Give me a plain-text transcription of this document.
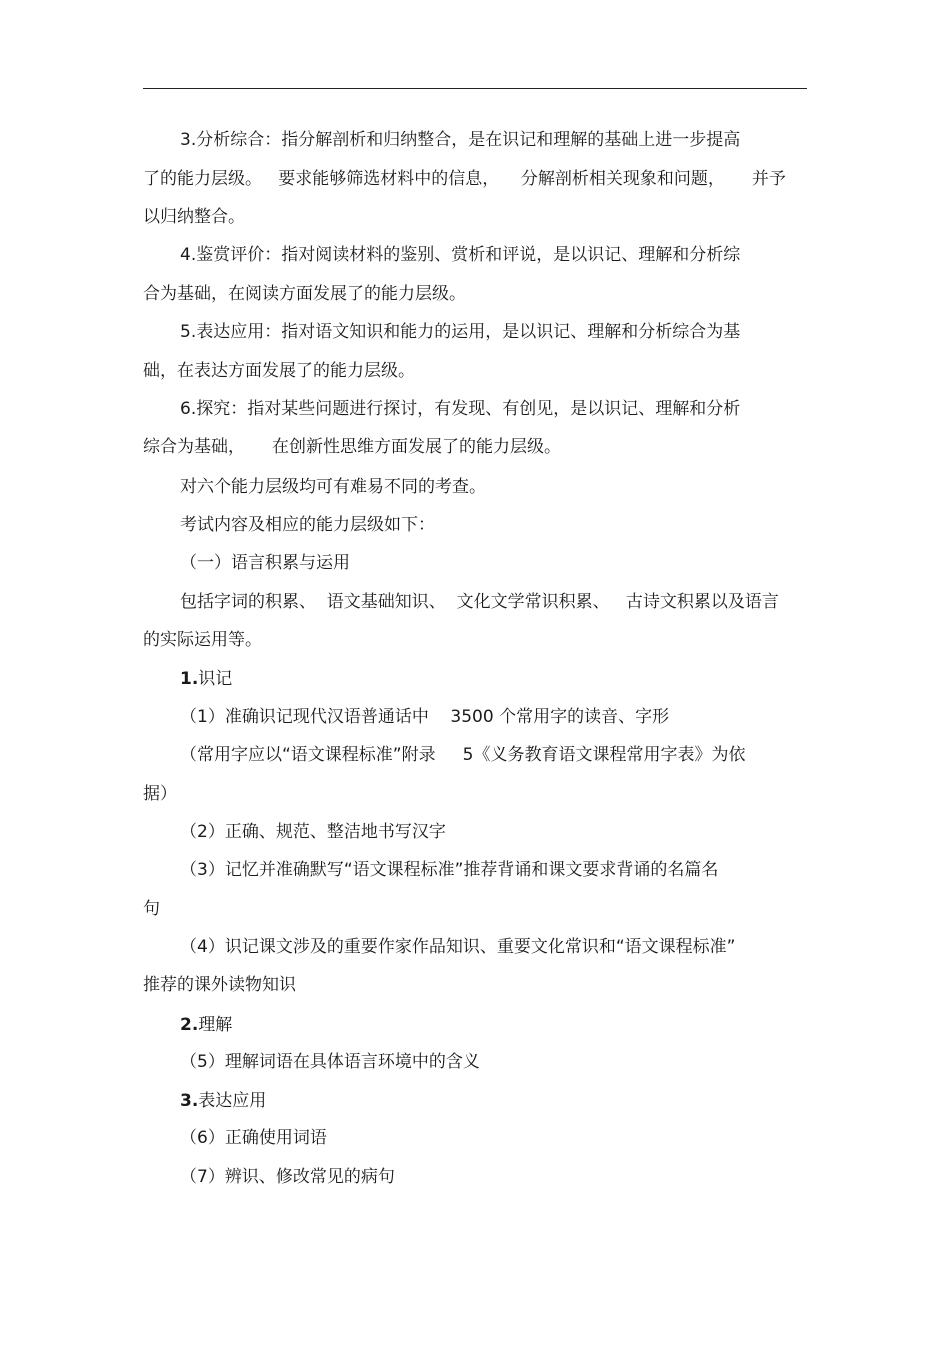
3.分析综合：指分解剖析和归纳整合，是在识记和理解的基础上进一步提高
了的能力层级。   要求能够筛选材料中的信息，    分解剖析相关现象和问题，     并予
以归纳整合。
4.鉴赏评价：指对阅读材料的鉴别、赏析和评说，是以识记、理解和分析综
合为基础，在阅读方面发展了的能力层级。
5.表达应用：指对语文知识和能力的运用，是以识记、理解和分析综合为基
础，在表达方面发展了的能力层级。
6.探究：指对某些问题进行探讨，有发现、有创见，是以识记、理解和分析
综合为基础，     在创新性思维方面发展了的能力层级。
对六个能力层级均可有难易不同的考查。
考试内容及相应的能力层级如下：
（一）语言积累与运用
包括字词的积累、  语文基础知识、  文化文学常识积累、   古诗文积累以及语言
的实际运用等。
1.识记
（1）准确识记现代汉语普通话中    3500 个常用字的读音、字形
（常用字应以“语文课程标准”附录     5《义务教育语文课程常用字表》为依
据）
（2）正确、规范、整洁地书写汉字
（3）记忆并准确默写“语文课程标准”推荐背诵和课文要求背诵的名篇名
句
（4）识记课文涉及的重要作家作品知识、重要文化常识和“语文课程标准”
推荐的课外读物知识
2.理解
（5）理解词语在具体语言环境中的含义
3.表达应用
（6）正确使用词语
（7）辨识、修改常见的病句
